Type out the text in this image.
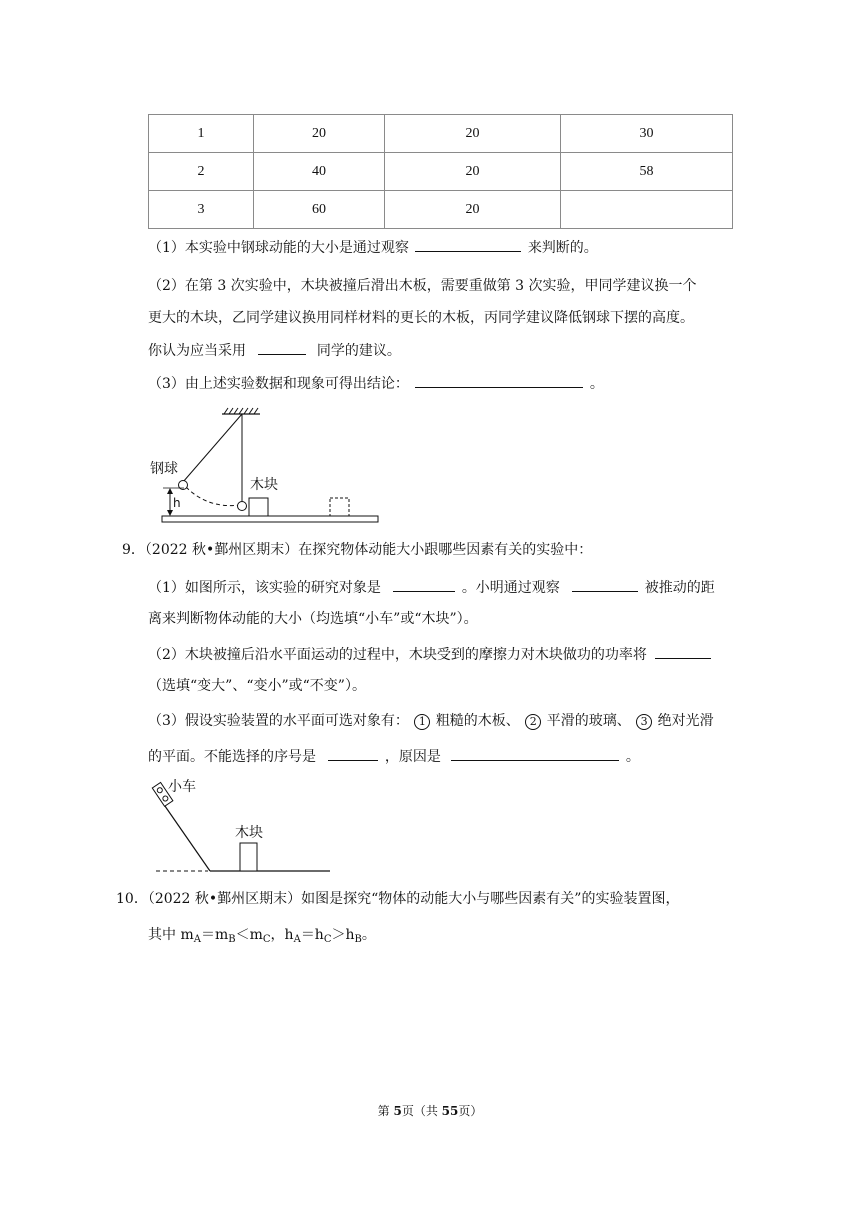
1	20	20	30
2	40	20	58
3	60	20	
（1）本实验中钢球动能的大小是通过观察	来判断的。
（2）在第 3 次实验中，木块被撞后滑出木板，需要重做第 3 次实验，甲同学建议换一个
更大的木块，乙同学建议换用同样材料的更长的木板，丙同学建议降低钢球下摆的高度。
你认为应当采用	同学的建议。
（3）由上述实验数据和现象可得出结论：	。
钢球
木块
h
9．（2022 秋•鄞州区期末）在探究物体动能大小跟哪些因素有关的实验中：
（1）如图所示，该实验的研究对象是	。小明通过观察	被推动的距
离来判断物体动能的大小（均选填“小车”或“木块”）。
（2）木块被撞后沿水平面运动的过程中，木块受到的摩擦力对木块做功的功率将
（选填“变大”、“变小”或“不变”）。
（3）假设实验装置的水平面可选对象有： 1 粗糙的木板、 2 平滑的玻璃、 3 绝对光滑
的平面。不能选择的序号是	，原因是	。
小车
木块
10．（2022 秋•鄞州区期末）如图是探究“物体的动能大小与哪些因素有关”的实验装置图，
其中 $m_A=m_B<m_C$，$h_A=h_C>h_B$。
第 5页（共 55页）
